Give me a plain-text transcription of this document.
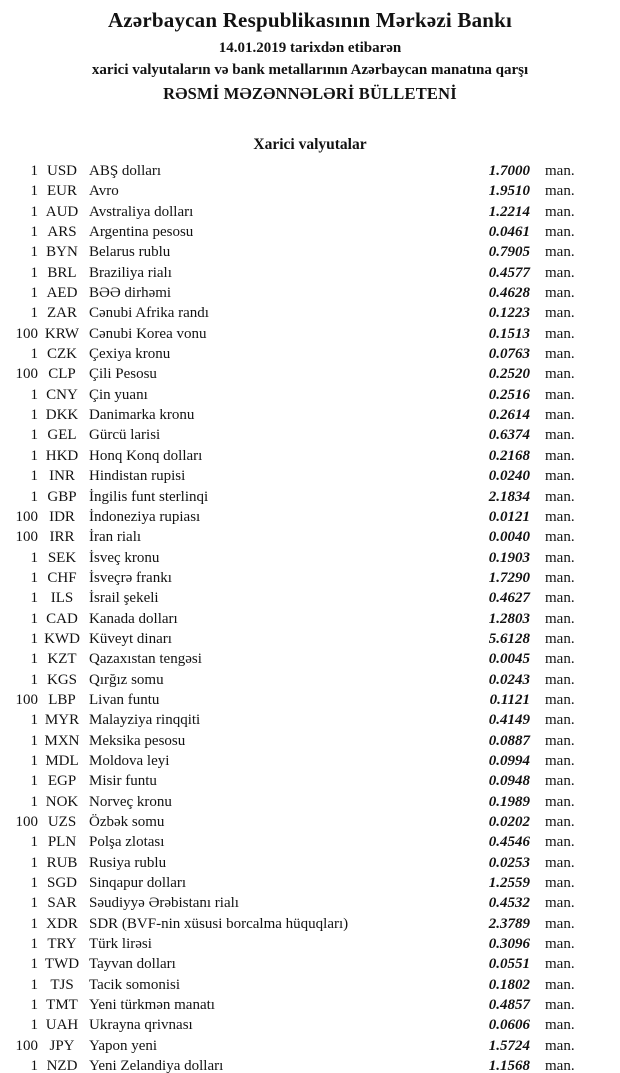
Azərbaycan Respublikasının Mərkəzi Bankı

14.01.2019 tarixdən etibarən

xarici valyutaların və bank metallarının Azərbaycan manatına qarşı

RƏSMİ MƏZƏNNƏLƏRİ BÜLLETENİ

Xarici valyutalar
1 USD ABŞ dolları	1.7000	man.
1 EUR Avro	1.9510	man.
1 AUD Avstraliya dolları	1.2214	man.
1 ARS Argentina pesosu	0.0461	man.
1 BYN Belarus rublu	0.7905	man.
1 BRL Braziliya rialı	0.4577	man.
1 AED BƏƏ dirhəmi	0.4628	man.
1 ZAR Cənubi Afrika randı	0.1223	man.
100 KRW Cənubi Korea vonu	0.1513	man.
1 CZK Çexiya kronu	0.0763	man.
100 CLP Çili Pesosu	0.2520	man.
1 CNY Çin yuanı	0.2516	man.
1 DKK Danimarka kronu	0.2614	man.
1 GEL Gürcü larisi	0.6374	man.
1 HKD Honq Konq dolları	0.2168	man.
1 INR Hindistan rupisi	0.0240	man.
1 GBP İngilis funt sterlinqi	2.1834	man.
100 IDR İndoneziya rupiası	0.0121	man.
100 IRR İran rialı	0.0040	man.
1 SEK İsveç kronu	0.1903	man.
1 CHF İsveçrə frankı	1.7290	man.
1 ILS	İsrail şekeli	0.4627	man.
1 CAD Kanada dolları	1.2803	man.
1 KWD Küveyt dinarı	5.6128	man.
1 KZT Qazaxıstan tengəsi	0.0045	man.
1 KGS Qırğız somu	0.0243	man.
100 LBP Livan funtu	0.1121	man.
1 MYR Malayziya rinqqiti	0.4149	man.
1 MXN Meksika pesosu	0.0887	man.
1 MDL Moldova leyi	0.0994	man.
1 EGP Misir funtu	0.0948	man.
1 NOK Norveç kronu	0.1989	man.
100 UZS Özbək somu	0.0202	man.
1 PLN Polşa zlotası	0.4546	man.
1 RUB Rusiya rublu	0.0253	man.
1 SGD Sinqapur dolları	1.2559	man.
1 SAR Səudiyyə Ərəbistanı rialı	0.4532	man.
1 XDR SDR (BVF-nin xüsusi borcalma hüquqları)	2.3789	man.
1 TRY Türk lirəsi	0.3096	man.
1 TWD Tayvan dolları	0.0551	man.
1 TJS	Tacik somonisi	0.1802	man.
1 TMT Yeni türkmən manatı	0.4857	man.
1 UAH Ukrayna qrivnası	0.0606	man.
100 JPY Yapon yeni	1.5724	man.
1 NZD Yeni Zelandiya dolları	1.1568	man.
